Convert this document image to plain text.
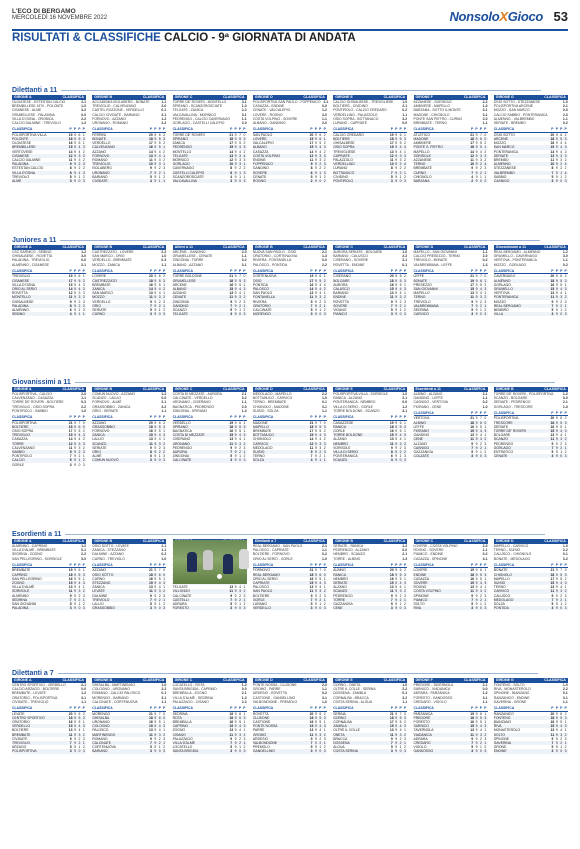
L'ECO DI BERGAMO
MERCOLEDÌ 16 NOVEMBRE 2022	NonsoloXGioco 53
RISULTATI & CLASSIFICHE CALCIO - 9ª GIORNATA DI ANDATA
Dilettanti a 11
GIRONE A	CLASSIFICA
OLGIATESE - ESTESTAN CALCIO	2-1
BREMBILLESE 1970 - POLONTE	1-0
CISANESE - ALME	3-2
GRUMELLESE - PALADINA	0-0
VILLA D'OGNA - OROBICA	2-2
CALCIO DALMINE - TREVIOLO	1-3
CLASSIFICA	P P P P
POLISPORTIVA VILLA	19 9 6 1
POLONTE	18 9 5 3
OLGIATESE	16 9 5 1
BREMBILLESE	15 9 4 3
VERTOVESE	14 9 4 2
CISANESE	12 9 3 3
CALCIO DALMINE	11 9 3 2
PALADINA	9 9 2 3
ESTESTAN CALCIO	8 9 2 2
VILLA D'OGNA	6 9 1 3
TREVIOLO	5 9 1 2
ALMÈ	3 9 0 3
GIRONE B	CLASSIFICA
ACCADEMIA ISOLABERG - BONATE	1-1
TREVIGLIO - CALVENZANO	2-0
CASTEL ROZZONE - VERDELLO	0-1
CALCIO CIVIDATE - BARIANO	3-1
FORNOVO - AZZANO	1-2
URGNANO - ROMANO	2-2
CLASSIFICA	P P P P
FERRINI	20 9 6 2
BONATE	18 9 5 3
VERDELLO	17 9 5 2
CALVENZANO	16 9 5 1
AZZANO	14 9 4 2
FORNOVO	13 9 4 1
ROMANO	11 9 3 2
TREVIGLIO	10 9 3 1
ISOLABERG	9 9 2 3
URGNANO	7 9 2 1
BARIANO	5 9 1 2
CIVIDATE	4 9 1 1
GIRONE C	CLASSIFICA
TORRE DE' ROVERI - MONTELLO	3-1
SPIRANO - SCANZOROSCIATE	1-0
TELGATE - ZANICA	2-2
VALCAVALLINA - MORNICO	0-1
PEDRENGO - CALCIO CAVERNAGO	1-1
GORLAGO - CASTELLI CALEPIO	2-0
CLASSIFICA	P P P P
TORRE DE' ROVERI	21 9 7 0
SPIRANO	18 9 5 3
ZANICA	17 9 5 2
PEDRENGO	15 9 4 3
MONTELLO	14 9 4 2
TELGATE	13 9 3 4
MORNICO	12 9 3 3
GORLAGO	10 9 3 1
CAVERNAGO	8 9 2 2
CASTELLI CALEPIO	6 9 1 3
SCANZOROSCIATE	4 9 1 1
VALCAVALLINA	3 9 0 3
GIRONE D	CLASSIFICA
POLISPORTIVA SAN PAOLO - FOPPENICO 2-1
CASAZZA - ENDINE	0-0
CENATE - VALCALEPIO	1-2
LOVERE - ROGNO	3-0
COSTA VOLPINO - SOVERE	1-1
ALBANO - GANDINO	2-0
CLASSIFICA	P P P P
SAN PAOLO	20 9 6 2
LOVERE	19 9 6 1
VALCALEPIO	17 9 5 2
ALBANO	15 9 4 3
CASAZZA	14 9 4 2
COSTA VOLPINO	12 9 3 3
ENDINE	11 9 3 2
FOPPENICO	9 9 2 3
GANDINO	8 9 2 2
SOVERE	6 9 1 3
CENATE	5 9 1 2
ROGNO	2 9 0 2
GIRONE E	CLASSIFICA
CALCIO GHISALBESE - TREVIGLIESE	1-0
BOLTIERE - CIVIDINO	2-1
PONTIROLO - CALCIO CREDARO	0-2
VERDELLINO - PALAZZOLO	1-1
OSIO SOPRA - BOTTANUCO	3-2
LURANO - CAPRIATE	0-0
CLASSIFICA	P P P P
CALCIO CREDARO	19 9 6 1
BOLTIERE	18 9 5 3
GHISALBESE	17 9 5 2
OSIO SOPRA	15 9 4 3
TREVIGLIESE	13 9 4 1
CAPRIATE	12 9 3 3
PALAZZOLO	11 9 3 2
VERDELLINO	10 9 2 4
LURANO	8 9 2 2
BOTTANUCO	7 9 2 1
CIVIDINO	5 9 1 2
PONTIROLO	3 9 0 3
GIRONE F	CLASSIFICA
AZZANESE - SORISOLE	2-2
AMBIVERE - MAPELLO	1-0
BARZANA - SOTTO IL MONTE	0-1
MADONE - CHIGNOLO	3-1
PONTE SAN PIETRO - CURNO	2-0
BREMBATE - TERNO	1-1
CLASSIFICA	P P P P
ATLETICO	21 9 7 0
MADONE	18 9 6 0
AMBIVERE	17 9 5 2
PONTE S. PIETRO	16 9 5 1
MAPELLO	14 9 4 2
SORISOLE	12 9 3 3
AZZANESE	11 9 3 2
TERNO	10 9 2 4
BREMBATE	9 9 2 3
CURNO	7 9 2 1
CHIGNOLO	4 9 1 1
BARZANA	2 9 0 2
GIRONE G	CLASSIFICA
OSIO SOTTO - STEZZANESE	1-0
POLISPORTIVA ARCENE	2-1
MOZZO - SAN MARCO	0-0
CALCIO SABBIO - PONTERANICA	2-3
ALMENNO - VALBREMBO	1-1
SERIATE - BREMBO	0-2
CLASSIFICA	P P P P
OSIO SOTTO	20 9 6 2
ARCENE	18 9 5 3
MOZZO	16 9 4 4
SAN MARCO	15 9 4 3
PONTERANICA	14 9 4 2
SERIATE	12 9 3 3
BREMBO	11 9 3 2
ALMENNO	10 9 2 4
STEZZANESE	8 9 2 2
VALBREMBO	7 9 1 4
SABBIO	5 9 1 2
CASNIGO	3 9 0 3
Juniores a 11
GIRONE A	CLASSIFICA
CSC SARNICO - SEBINO	1-2
GHISALBESE - ROVETTA	3-0
PALADINA - TREVIGLIO	0-0
ALMENNO - CISANESE	2-1
CLASSIFICA	P P P P
TREVIGLIO	19 9 6 1
CISANESE	17 9 5 2
VILLA D'OGNA	15 9 4 3
ORIO AL SERIO	14 9 4 2
ROVETTA	12 9 3 3
MONTELLO	11 9 3 2
GHISALBESE	9 9 2 3
PALADINA	8 9 2 2
ALMENNO	6 9 1 3
SEBINO	4 9 1 1
GIRONE B	CLASSIFICA
CASTREZZATO - LOVERE	2-2
SAN MARCO - ORIO	1-0
VERDELLO - BREMBATE	0-3
MOZZO - ZANICA	1-1
CLASSIFICA	P P P P
LOVERE	20 9 6 2
CASTREZZATO	18 9 5 3
BREMBATE	16 9 5 1
ZANICA	14 9 4 2
SAN MARCO	13 9 4 1
MOZZO	11 9 3 2
VERDELLO	9 9 2 3
ORIO	7 9 2 1
SERIATE	5 9 1 2
CURNO	3 9 0 3
Allievi a 11	CLASSIFICA
ARCENE - GANDINO	2-0
GRUMELLESE - CENATE	1-1
ZINGONIA - TORRE	0-2
ALBANO - AZZANO	3-1
CLASSIFICA	P P P P
TORRE BOLDONE	21 9 7 0
GRUMELLESE	18 9 5 3
ARCENE	16 9 5 1
ALBANO	15 9 4 3
AZZANO	13 9 4 1
CENATE	11 9 3 2
ZINGONIA	9 9 2 3
GANDINO	7 9 2 1
SCANZO	5 9 1 2
TELGATE	3 9 0 3
GIRONE B	CLASSIFICA
NUOVA SAN PAOLO - OSIO	2-1
ORATORIO - CORTENUOVA	1-3
RIVIERA - FONTANELLA	0-0
PALOSCO - PONTIDA	2-2
CLASSIFICA	P P P P
CORTENUOVA	19 9 6 1
OSIO	17 9 5 2
PONTIDA	16 9 4 4
PALOSCO	14 9 4 2
SAN PAOLO	13 9 4 1
FONTANELLA	11 9 3 2
RIVIERA	9 9 2 3
ORATORIO	7 9 2 1
CALCINATE	5 9 1 2
MORENGO	3 9 0 3
GIRONE C	CLASSIFICA
AURORA SERIATE - BOLGARE	1-0
BARIANO - CALUSCO	2-2
CISERANO - SOVERE	3-1
ROVETTA - ENDINE	0-1
CLASSIFICA	P P P P
CISERANO	20 9 6 2
BOLGARE	18 9 5 3
AURORA	16 9 5 1
CALUSCO	15 9 4 3
BARIANO	13 9 4 1
ENDINE	11 9 3 2
ROVETTA	9 9 2 3
SOVERE	7 9 2 1
VIGANO	5 9 1 2
PIANICO	3 9 0 3
GIRONE D	CLASSIFICA
MAPELLO - SAN GIOVANNI	1-1
CALCIO PRESEZZO - TERNO	2-0
TREVIOLO - BONATE	0-2
VALBREMBANA - LEFFE	1-3
CLASSIFICA	P P P P
LEFFE	21 9 7 0
BONATE	19 9 6 1
PRESEZZO	17 9 5 2
SAN GIOVANNI	15 9 4 3
MAPELLO	13 9 4 1
TERNO	11 9 3 2
TREVIOLO	9 9 2 3
VALBREMBANA	7 9 2 1
SEDRINA	5 9 1 2
CARVICO	3 9 0 3
Giovanissimi a 11	CLASSIFICA
REAL BERGAMO - ALMENNO	1-2
GRUMELLO - CAVERNAGO	3-0
VERTOVA - PONTERANICA	1-1
MOZZO - GORLAGO	0-2
CLASSIFICA	P P P P
CAVERNAGO	20 9 6 2
ALMENNO	18 9 5 3
GORLAGO	16 9 5 1
GRUMELLO	15 9 4 3
VERTOVA	13 9 4 1
PONTERANICA	11 9 3 2
MOZZO	9 9 2 3
REAL BERGAMO	7 9 2 1
NEMBRO	5 9 1 2
VILLA	3 9 0 3
Giovanissimi a 11
GIRONE A	CLASSIFICA
POLISPORTIVA - CALCIO	2-0
CALVENZANO - CASAZZA	1-1
TORRE DE' ROVERI - BOLTIERE	0-3
TREVIGLIO - OSIO SOPRA	2-2
PONTIROLO - SABBIO	1-0
CLASSIFICA	P P P P
POLISPORTIVA	21 9 7 0
BOLTIERE	18 9 6 0
OSIO SOPRA	17 9 5 2
TREVIGLIO	15 9 4 3
CASAZZA	14 9 4 2
TORRE	12 9 3 3
CALVENZANO	11 9 3 2
SABBIO	9 9 2 3
PONTIROLO	7 9 2 1
CALCIO	5 9 1 2
GORLE	3 9 0 3
GIRONE B	CLASSIFICA
COMUN NUOVO - AZZANO	1-2
SCANZO - LALLIO	0-0
FORNOVO - ALMÈ	2-1
GRASSOBBIO - ZANICA	3-2
ORIO - SERIATE	1-1
CLASSIFICA	P P P P
AZZANO	20 9 6 2
GRASSOBBIO	18 9 5 3
FORNOVO	16 9 5 1
ZANICA	15 9 4 3
LALLIO	13 9 4 1
SCANZO	11 9 3 2
SERIATE	9 9 2 3
ORIO	8 9 2 2
ALMÈ	6 9 1 3
COMUN NUOVO	3 9 0 3
GIRONE C	CLASSIFICA
COSTA DI MEZZATE - AURORA	2-1
CALCINATE - VERDELLO	0-2
URGNANO - CISERANO	1-1
BAGNATICA - PEDRENGO	2-0
ZINGONIA - SPIRANO	1-3
CLASSIFICA	P P P P
VERDELLO	19 9 6 1
SPIRANO	18 9 5 3
BAGNATICA	16 9 5 1
COSTA DI MEZZATE	15 9 4 3
CISERANO	13 9 4 1
URGNANO	11 9 3 2
PEDRENGO	9 9 2 3
AURORA	7 9 2 1
ZINGONIA	5 9 1 2
CALCINATE	3 9 0 3
GIRONE D	CLASSIFICA
MEDOLAGO - MAPELLO	2-2
BOTTANUCO - CARVICO	1-0
TERNO - BREMBATE	0-1
CHIGNOLO - MADONE	3-1
SUISIO - SOLZA	1-1
CLASSIFICA	P P P P
MADONE	21 9 7 0
MAPELLO	18 9 5 3
BREMBATE	17 9 5 2
BOTTANUCO	15 9 4 3
CHIGNOLO	14 9 4 2
CARVICO	12 9 3 3
MEDOLAGO	11 9 3 2
SUISIO	9 9 2 3
TERNO	7 9 2 1
SOLZA	4 9 1 1
GIRONE E	CLASSIFICA
POLISPORTIVA VILLA - SORISOLE	1-0
RANICA - ALZANO	2-1
PONTERANICA - NEMBRO	0-0
VILLA DI SERIO - GORLE	1-2
TORRE BOLDONE - SCANZO	3-1
CLASSIFICA	P P P P
CASAZZESE	19 9 6 1
RANICA	18 9 5 3
GORLE	16 9 5 1
TORRE BOLDONE	15 9 4 3
ALZANO	13 9 4 1
NEMBRO	11 9 3 2
SORISOLE	9 9 2 3
VILLA DI SERIO	8 9 2 2
PONTERANICA	6 9 1 3
SCANZO	3 9 0 3
Esordienti a 11	CLASSIFICA
ALBINO - ALZANO	2-1
GANDINO - LEFFE	1-1
CASNIGO - VERTOVA	0-2
FIORANO - CENE	1-0
CLASSIFICA	P P P P
VERTOVA	21 9 7 0
ALBINO	18 9 6 0
LEFFE	16 9 5 1
FIORANO	15 9 4 3
GANDINO	13 9 4 1
CENE	11 9 3 2
ALZANO	9 9 2 3
CASNIGO	7 9 2 1
GAZZANIGA	5 9 1 2
COLZATE	3 9 0 3
GIRONE B	CLASSIFICA
TORRE DE' ROVERI - POLISPORTIVA	1-2
SCANZO - BOLGARE	0-0
SERIATE - PEDRENGO	2-1
GORLAGO - TRESCORE	1-3
CLASSIFICA	P P P P
POLISPORTIVA	20 9 6 2
TRESCORE	18 9 5 3
SERIATE	16 9 5 1
TORRE DE' ROVERI	15 9 4 3
BOLGARE	13 9 4 1
SCANZO	11 9 3 2
PEDRENGO	9 9 2 3
GORLAGO	7 9 2 1
ENTRATICO	5 9 1 2
CENATE	3 9 0 3
Esordienti a 11
GIRONE A	CLASSIFICA
ALMENNO - CAPRINO	1-2
VILLA D'ALMÈ - BREMBATE	0-1
SEDRINA - ZOGNO	2-2
SAN PELLEGRINO - SORISOLE	3-0
CLASSIFICA	P P P P
BREMBATE	19 9 6 1
CAPRINO	18 9 5 3
SAN PELLEGRINO	16 9 5 1
ZOGNO	15 9 4 3
VILLA D'ALMÈ	13 9 4 1
SORISOLE	11 9 3 2
ALMENNO	9 9 2 3
SEDRINA	7 9 2 1
SAN GIOVANNI	5 9 1 2
PALADINA	3 9 0 3
GIRONE B	CLASSIFICA
OSIO SOTTO - LEVATE	2-1
ZANICA - STEZZANO	1-1
DALMINE - AZZANO	0-2
CURNO - TREVIOLO	1-0
CLASSIFICA	P P P P
AZZANO	21 9 7 0
OSIO SOTTO	18 9 6 0
CURNO	16 9 5 1
STEZZANO	15 9 4 3
ZANICA	13 9 4 1
LEVATE	11 9 3 2
DALMINE	9 9 2 3
TREVIOLO	7 9 2 1
LALLIO	5 9 1 2
GRASSOBBIO	3 9 0 3
TELGATE	13 9 4 1
VILLONGO	11 9 3 2
CALCINATE	9 9 2 3
CASTELLI	7 9 2 1
ADRARA	5 9 1 2
FORESTO	3 9 0 3
Dilettanti a 7	CLASSIFICA
REAL BERGAMO - SAN PAOLO	2-1
PALOSCO - CAPRIATE	1-1
BOLTIERE - FORNOVO	0-2
ORIO AL SERIO - GORLE	1-0
CLASSIFICA	P P P P
FORNOVO	21 9 7 0
REAL BERGAMO	18 9 6 0
ORIO AL SERIO	16 9 5 1
CAPRIATE	15 9 4 3
PALOSCO	13 9 4 1
SAN PAOLO	11 9 3 2
BOLTIERE	9 9 2 3
GORLE	7 9 2 1
LURANO	5 9 1 2
VERDELLO	3 9 0 3
GIRONE B	CLASSIFICA
SERIATE - RANICA	1-2
PEDRENGO - ALZANO	0-0
NEMBRO - SCANZO	2-1
TORRE - ALBINO	1-3
CLASSIFICA	P P P P
ALBINO	20 9 6 2
RANICA	18 9 5 3
NEMBRO	16 9 5 1
SERIATE	15 9 4 3
ALZANO	13 9 4 1
SCANZO	11 9 3 2
PEDRENGO	9 9 2 3
TORRE	7 9 2 1
GAZZANIGA	5 9 1 2
CENE	3 9 0 3
GIRONE C	CLASSIFICA
LOVERE - COSTA VOLPINO	2-0
ROGNO - SOVERE	1-1
PIANICO - ENDINE	0-2
CASAZZA - SPINONE	3-1
CLASSIFICA	P P P P
LOVERE	19 9 6 1
ENDINE	18 9 5 3
CASAZZA	16 9 5 1
SOVERE	15 9 4 3
ROGNO	13 9 4 1
COSTA VOLPINO	11 9 3 2
SPINONE	9 9 2 3
PIANICO	7 9 2 1
SOLTO	5 9 1 2
RIVA	3 9 0 3
GIRONE D	CLASSIFICA
MAPELLO - CARVICO	1-0
TERNO - SUISIO	2-2
CALUSCO - CHIGNOLO	0-1
BONATE - MEDOLAGO	3-2
CLASSIFICA	P P P P
BONATE	21 9 7 0
CHIGNOLO	18 9 5 3
MAPELLO	17 9 5 2
SUISIO	15 9 4 3
TERNO	13 9 4 1
CARVICO	11 9 3 2
CALUSCO	9 9 2 3
MEDOLAGO	7 9 2 1
SOLZA	5 9 1 2
PONTIDA	3 9 0 3
Dilettanti a 7
GIRONE A	CLASSIFICA
CENTRO SPORTIVO - VERDELLO	2-1
CALCIO ARZAGO - BOLTIERE	0-0
BREMBATE - LEVATE	1-2
ORATORIO - POLISPORTIVA	3-1
CIVIDATE - TREVIGLIO	1-1
CLASSIFICA	P P P P
LEVATE	20 9 6 2
CENTRO SPORTIVO	18 9 5 3
ORATORIO	16 9 5 1
VERDELLO	15 9 4 3
BOLTIERE	13 9 4 1
BREMBATE	11 9 3 2
CIVIDATE	9 9 2 3
TREVIGLIO	7 9 2 1
ARZAGO	5 9 1 2
POLISPORTIVA	3 9 0 3
GIRONE B	CLASSIFICA
GHISALBA - MARTINENGO	1-0
COLOGNO - URGNANO	2-2
ROMANO - CALCIO PALOSCO	0-1
MORENGO - BARIANO	3-1
CALCINATE - CORTENUOVA	1-1
CLASSIFICA	P P P P
MORENGO	21 9 7 0
GHISALBA	18 9 6 0
URGNANO	16 9 5 1
COLOGNO	15 9 4 3
PALOSCO	13 9 4 1
MARTINENGO	11 9 3 2
ROMANO	9 9 2 3
CALCINATE	7 9 2 1
CORTENUOVA	5 9 1 2
BARIANO	3 9 0 3
GIRONE C	CLASSIFICA
LOCATELLO - ROTA	1-2
SANTA BRIGIDA - CAPRINO	0-0
BREMBILLA - ZOGNO	2-1
VILLA D'ALMÈ - SEDRINA	1-3
PALAZZAGO - CISANO	2-2
CLASSIFICA	P P P P
SEDRINA	19 9 6 1
ROTA	18 9 5 3
BREMBILLA	16 9 5 1
CAPRINO	15 9 4 3
ZOGNO	13 9 4 1
CISANO	11 9 3 2
PALAZZAGO	9 9 2 3
VILLA D'ALMÈ	7 9 2 1
LOCATELLO	5 9 1 2
SANTA BRIGIDA	3 9 0 3
GIRONE D	CLASSIFICA
PONTE NOSSA - CLUSONE	2-0
GROMO - PARRE	1-1
ARDESIO - ROVETTA	0-2
CASTIONE - GANDELLINO	3-1
VALBONDIONE - PREMOLO	1-0
CLASSIFICA	P P P P
ROVETTA	20 9 6 2
CLUSONE	18 9 5 3
CASTIONE	16 9 5 1
PONTE NOSSA	15 9 4 3
PARRE	13 9 4 1
GROMO	11 9 3 2
ARDESIO	9 9 2 3
VALBONDIONE	7 9 2 1
PREMOLO	5 9 1 2
GANDELLINO	3 9 0 3
GIRONE E	CLASSIFICA
GORNO - ONETA	1-0
OLTRE IL COLLE - SERINA	2-2
DOSSENA - ZAMBLA	0-1
CORNALBA - BRACCA	3-2
COSTA SERINA - ALGUA	1-1
CLASSIFICA	P P P P
SERINA	21 9 7 0
GORNO	18 9 5 3
CORNALBA	17 9 5 2
ZAMBLA	15 9 4 3
OLTRE IL COLLE	13 9 4 1
ONETA	11 9 3 2
BRACCA	9 9 2 3
DOSSENA	7 9 2 1
ALGUA	5 9 1 2
COSTA SERINA	3 9 0 3
GIRONE F	CLASSIFICA
PREDORE - TAVERNOLA	2-1
SARNICO - VIADANICA	0-0
ADRARA - PARZANICA	1-2
FORESTO - GANDOSSO	3-1
CREDARO - VIGOLO	1-1
CLASSIFICA	P P P P
PARZANICA	19 9 6 1
PREDORE	18 9 5 3
FORESTO	16 9 5 1
SARNICO	15 9 4 3
TAVERNOLA	13 9 4 1
VIADANICA	11 9 3 2
ADRARA	9 9 2 3
CREDARO	7 9 2 1
VIGOLO	5 9 1 2
GANDOSSO	3 9 0 3
GIRONE G	CLASSIFICA
FONTENO - SOLTO	1-0
RIVA - MONASTEROLO	2-2
SPINONE - BIANZANO	0-1
RANZANICO - ENDINE	3-1
GAVERINA - GRONE	1-1
CLASSIFICA	P P P P
RANZANICO	20 9 6 2
FONTENO	18 9 5 3
BIANZANO	16 9 5 1
RIVA	15 9 4 3
MONASTEROLO	13 9 4 1
SOLTO	11 9 3 2
SPINONE	9 9 2 3
GAVERINA	7 9 2 1
GRONE	5 9 1 2
ENDINE	3 9 0 3
